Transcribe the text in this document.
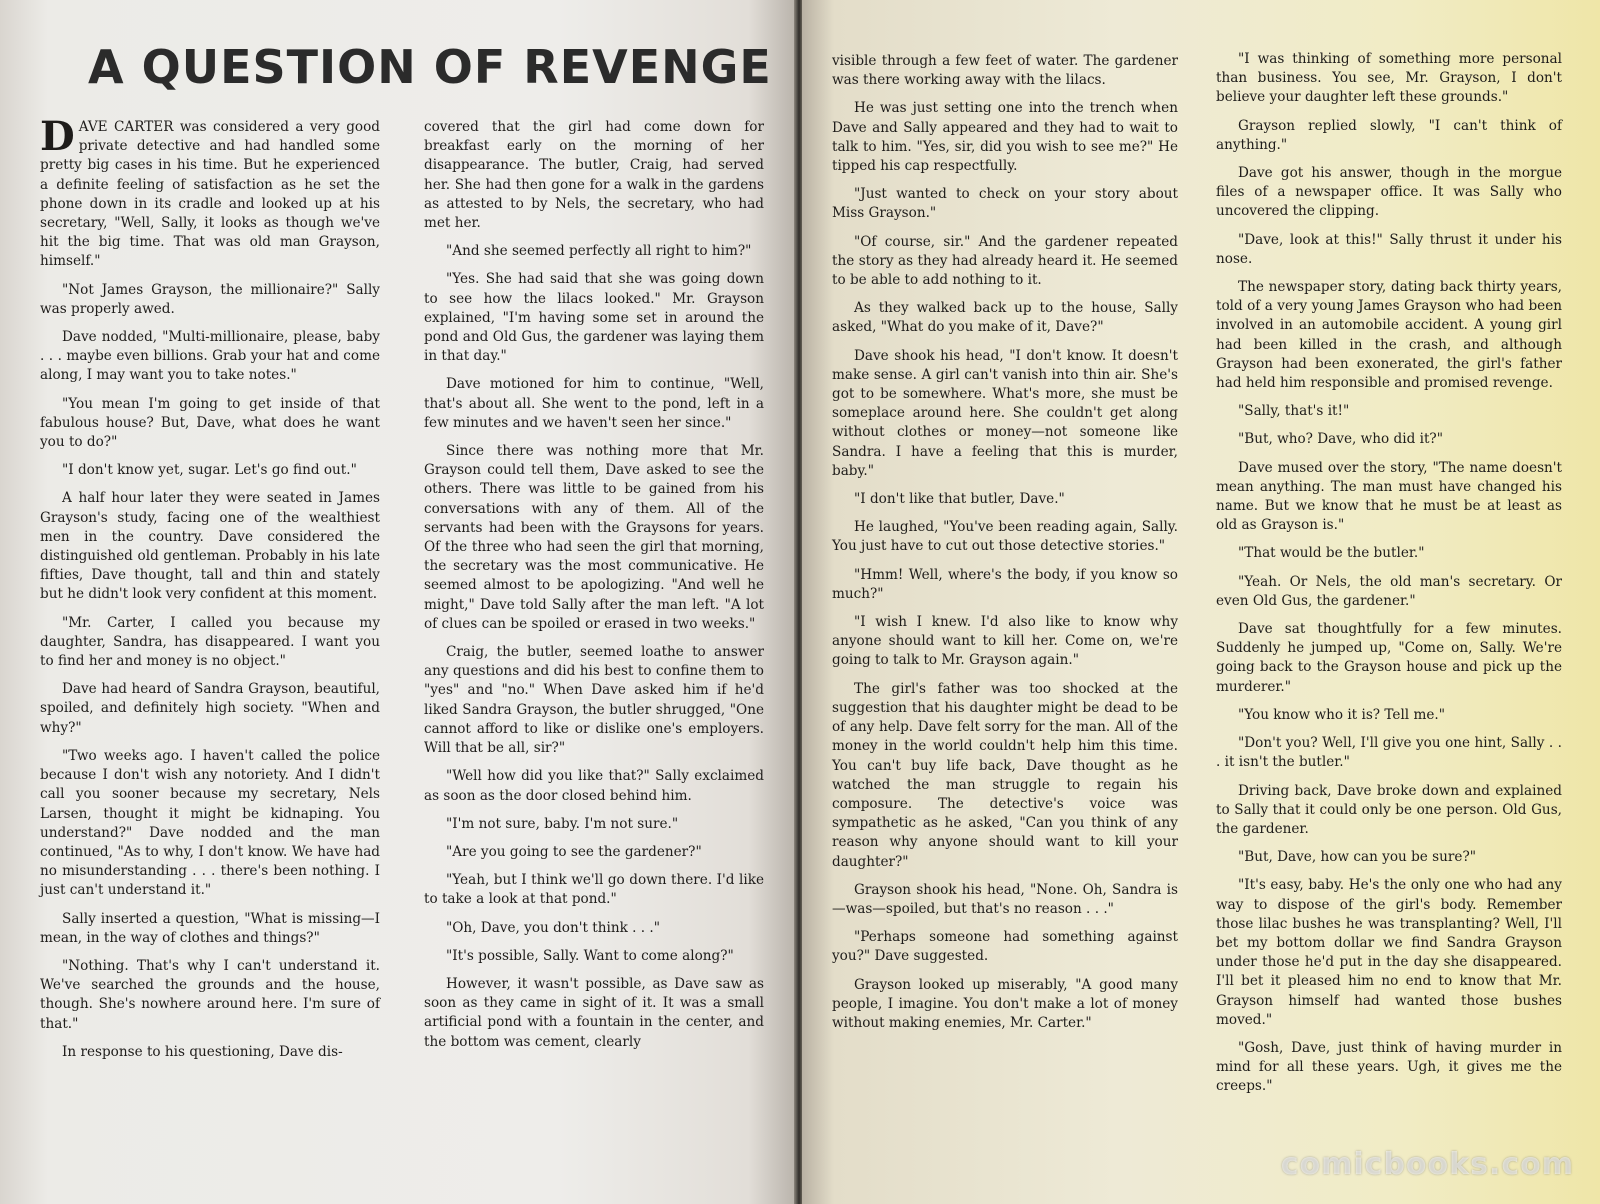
A QUESTION OF REVENGE

DAVE CARTER was considered a very good private detective and had handled some pretty big cases in his time. But he experienced a definite feeling of satisfaction as he set the phone down in its cradle and looked up at his secretary, "Well, Sally, it looks as though we've hit the big time. That was old man Grayson, himself."

"Not James Grayson, the millionaire?" Sally was properly awed.

Dave nodded, "Multi-millionaire, please, baby . . . maybe even billions. Grab your hat and come along, I may want you to take notes."

"You mean I'm going to get inside of that fabulous house? But, Dave, what does he want you to do?"

"I don't know yet, sugar. Let's go find out."

A half hour later they were seated in James Grayson's study, facing one of the wealthiest men in the country. Dave considered the distinguished old gentleman. Probably in his late fifties, Dave thought, tall and thin and stately but he didn't look very confident at this moment.

"Mr. Carter, I called you because my daughter, Sandra, has disappeared. I want you to find her and money is no object."

Dave had heard of Sandra Grayson, beautiful, spoiled, and definitely high society. "When and why?"

"Two weeks ago. I haven't called the police because I don't wish any notoriety. And I didn't call you sooner because my secretary, Nels Larsen, thought it might be kidnaping. You understand?" Dave nodded and the man continued, "As to why, I don't know. We have had no misunderstanding . . . there's been nothing. I just can't understand it."

Sally inserted a question, "What is missing—I mean, in the way of clothes and things?"

"Nothing. That's why I can't understand it. We've searched the grounds and the house, though. She's nowhere around here. I'm sure of that."

In response to his questioning, Dave dis-

covered that the girl had come down for breakfast early on the morning of her disappearance. The butler, Craig, had served her. She had then gone for a walk in the gardens as attested to by Nels, the secretary, who had met her.

"And she seemed perfectly all right to him?"

"Yes. She had said that she was going down to see how the lilacs looked." Mr. Grayson explained, "I'm having some set in around the pond and Old Gus, the gardener was laying them in that day."

Dave motioned for him to continue, "Well, that's about all. She went to the pond, left in a few minutes and we haven't seen her since."

Since there was nothing more that Mr. Grayson could tell them, Dave asked to see the others. There was little to be gained from his conversations with any of them. All of the servants had been with the Graysons for years. Of the three who had seen the girl that morning, the secretary was the most communicative. He seemed almost to be apologizing. "And well he might," Dave told Sally after the man left. "A lot of clues can be spoiled or erased in two weeks."

Craig, the butler, seemed loathe to answer any questions and did his best to confine them to "yes" and "no." When Dave asked him if he'd liked Sandra Grayson, the butler shrugged, "One cannot afford to like or dislike one's employers. Will that be all, sir?"

"Well how did you like that?" Sally exclaimed as soon as the door closed behind him.

"I'm not sure, baby. I'm not sure."

"Are you going to see the gardener?"

"Yeah, but I think we'll go down there. I'd like to take a look at that pond."

"Oh, Dave, you don't think . . ."

"It's possible, Sally. Want to come along?"

However, it wasn't possible, as Dave saw as soon as they came in sight of it. It was a small artificial pond with a fountain in the center, and the bottom was cement, clearly

visible through a few feet of water. The gardener was there working away with the lilacs.

He was just setting one into the trench when Dave and Sally appeared and they had to wait to talk to him. "Yes, sir, did you wish to see me?" He tipped his cap respectfully.

"Just wanted to check on your story about Miss Grayson."

"Of course, sir." And the gardener repeated the story as they had already heard it. He seemed to be able to add nothing to it.

As they walked back up to the house, Sally asked, "What do you make of it, Dave?"

Dave shook his head, "I don't know. It doesn't make sense. A girl can't vanish into thin air. She's got to be somewhere. What's more, she must be someplace around here. She couldn't get along without clothes or money—not someone like Sandra. I have a feeling that this is murder, baby."

"I don't like that butler, Dave."

He laughed, "You've been reading again, Sally. You just have to cut out those detective stories."

"Hmm! Well, where's the body, if you know so much?"

"I wish I knew. I'd also like to know why anyone should want to kill her. Come on, we're going to talk to Mr. Grayson again."

The girl's father was too shocked at the suggestion that his daughter might be dead to be of any help. Dave felt sorry for the man. All of the money in the world couldn't help him this time. You can't buy life back, Dave thought as he watched the man struggle to regain his composure. The detective's voice was sympathetic as he asked, "Can you think of any reason why anyone should want to kill your daughter?"

Grayson shook his head, "None. Oh, Sandra is—was—spoiled, but that's no reason . . ."

"Perhaps someone had something against you?" Dave suggested.

Grayson looked up miserably, "A good many people, I imagine. You don't make a lot of money without making enemies, Mr. Carter."

"I was thinking of something more personal than business. You see, Mr. Grayson, I don't believe your daughter left these grounds."

Grayson replied slowly, "I can't think of anything."

Dave got his answer, though in the morgue files of a newspaper office. It was Sally who uncovered the clipping.

"Dave, look at this!" Sally thrust it under his nose.

The newspaper story, dating back thirty years, told of a very young James Grayson who had been involved in an automobile accident. A young girl had been killed in the crash, and although Grayson had been exonerated, the girl's father had held him responsible and promised revenge.

"Sally, that's it!"

"But, who? Dave, who did it?"

Dave mused over the story, "The name doesn't mean anything. The man must have changed his name. But we know that he must be at least as old as Grayson is."

"That would be the butler."

"Yeah. Or Nels, the old man's secretary. Or even Old Gus, the gardener."

Dave sat thoughtfully for a few minutes. Suddenly he jumped up, "Come on, Sally. We're going back to the Grayson house and pick up the murderer."

"You know who it is? Tell me."

"Don't you? Well, I'll give you one hint, Sally . . . it isn't the butler."

Driving back, Dave broke down and explained to Sally that it could only be one person. Old Gus, the gardener.

"But, Dave, how can you be sure?"

"It's easy, baby. He's the only one who had any way to dispose of the girl's body. Remember those lilac bushes he was transplanting? Well, I'll bet my bottom dollar we find Sandra Grayson under those he'd put in the day she disappeared. I'll bet it pleased him no end to know that Mr. Grayson himself had wanted those bushes moved."

"Gosh, Dave, just think of having murder in mind for all these years. Ugh, it gives me the creeps."

comicbooks.com
